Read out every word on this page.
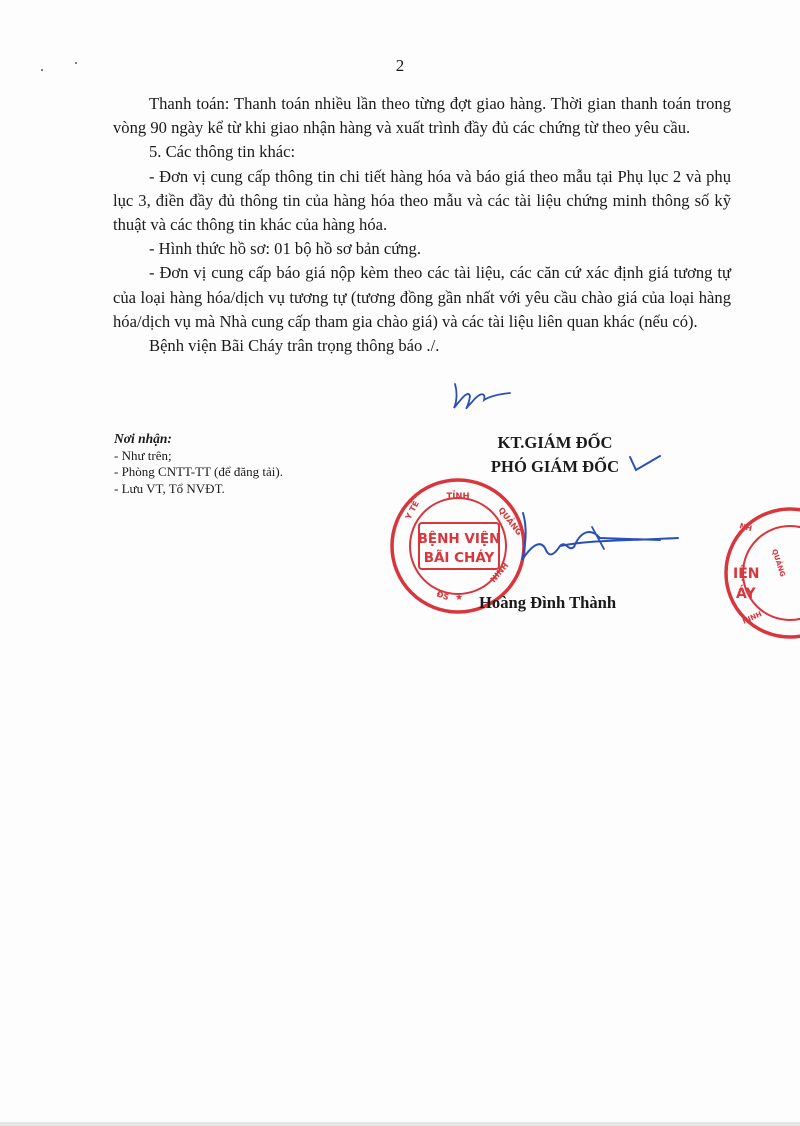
2

Thanh toán: Thanh toán nhiều lần theo từng đợt giao hàng. Thời gian thanh toán trong vòng 90 ngày kể từ khi giao nhận hàng và xuất trình đầy đủ các chứng từ theo yêu cầu.

5. Các thông tin khác:

- Đơn vị cung cấp thông tin chi tiết hàng hóa và báo giá theo mẫu tại Phụ lục 2 và phụ lục 3, điền đầy đủ thông tin của hàng hóa theo mẫu và các tài liệu chứng minh thông số kỹ thuật và các thông tin khác của hàng hóa.

- Hình thức hồ sơ: 01 bộ hồ sơ bản cứng.

- Đơn vị cung cấp báo giá nộp kèm theo các tài liệu, các căn cứ xác định giá tương tự của loại hàng hóa/dịch vụ tương tự (tương đồng gần nhất với yêu cầu chào giá của loại hàng hóa/dịch vụ mà Nhà cung cấp tham gia chào giá) và các tài liệu liên quan khác (nếu có).

Bệnh viện Bãi Cháy trân trọng thông báo ./.

Nơi nhận:
- Như trên;
- Phòng CNTT-TT (để đăng tải).
- Lưu VT, Tổ NVĐT.
KT.GIÁM ĐỐC
PHÓ GIÁM ĐỐC
BỆNH VIỆN
BÃI CHÁY
TỈNH
QUẢNG
NINH
Y TẾ
ĐS ★
IỆN
ÁY
NH
QUẢNG
NINH
Hoàng Đình Thành
